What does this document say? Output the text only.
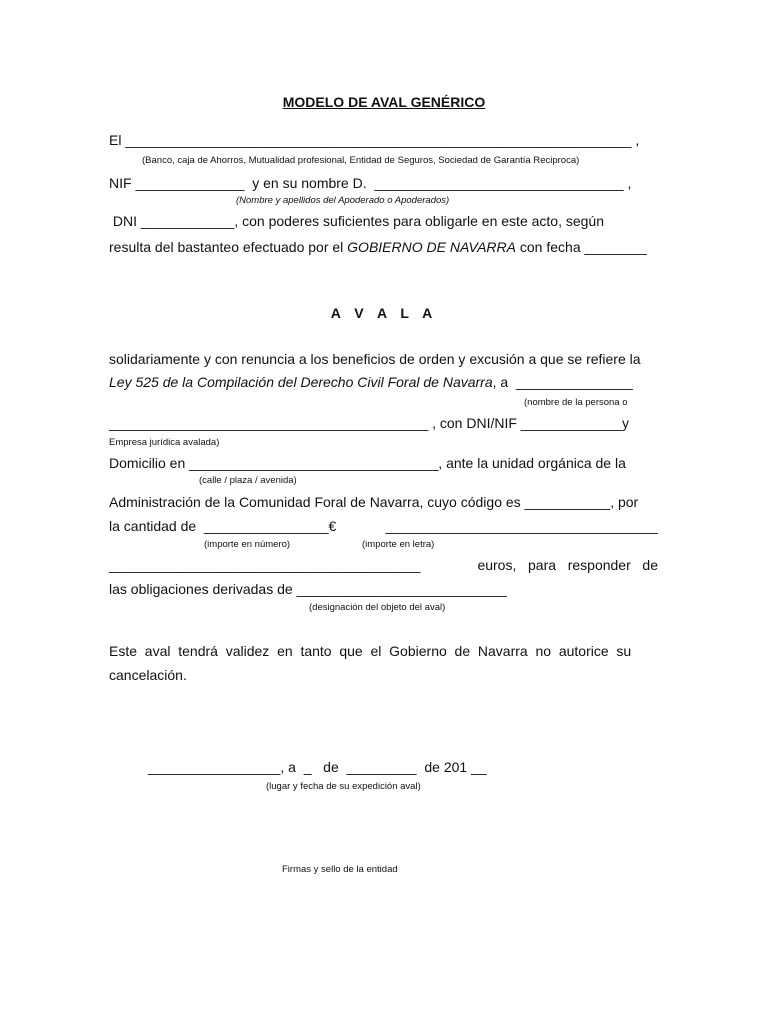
MODELO DE AVAL GENÉRICO
El _________________________________________________________________ ,
(Banco, caja de Ahorros, Mutualidad profesional, Entidad de Seguros, Sociedad de Garantía Reciproca)
NIF ______________  y en su nombre D.  ________________________________ ,
(Nombre y apellidos del Apoderado o Apoderados)
DNI ____________, con poderes suficientes para obligarle en este acto, según
resulta del bastanteo efectuado por el GOBIERNO DE NAVARRA con fecha ________
A V A L A
solidariamente y con renuncia a los beneficios de orden y excusión a que se refiere la
Ley 525 de la Compilación del Derecho Civil Foral de Navarra, a  _______________
(nombre de la persona o
_________________________________________ , con DNI/NIF _____________y
Empresa jurídica avalada)
Domicilio en ________________________________, ante la unidad orgánica de la
(calle / plaza / avenida)
Administración de la Comunidad Foral de Navarra, cuyo código es ___________, por
la cantidad de  ________________€	___________________________________
(importe en número)	(importe en letra)
________________________________________	euros,   para   responder   de
las obligaciones derivadas de ___________________________
(designación del objeto del aval)
Este  aval  tendrá  validez  en  tanto  que  el  Gobierno  de  Navarra  no  autorice  su
cancelación.
_________________, a  _   de  _________  de 201 __
(lugar y fecha de su expedición aval)
Firmas y sello de la entidad
